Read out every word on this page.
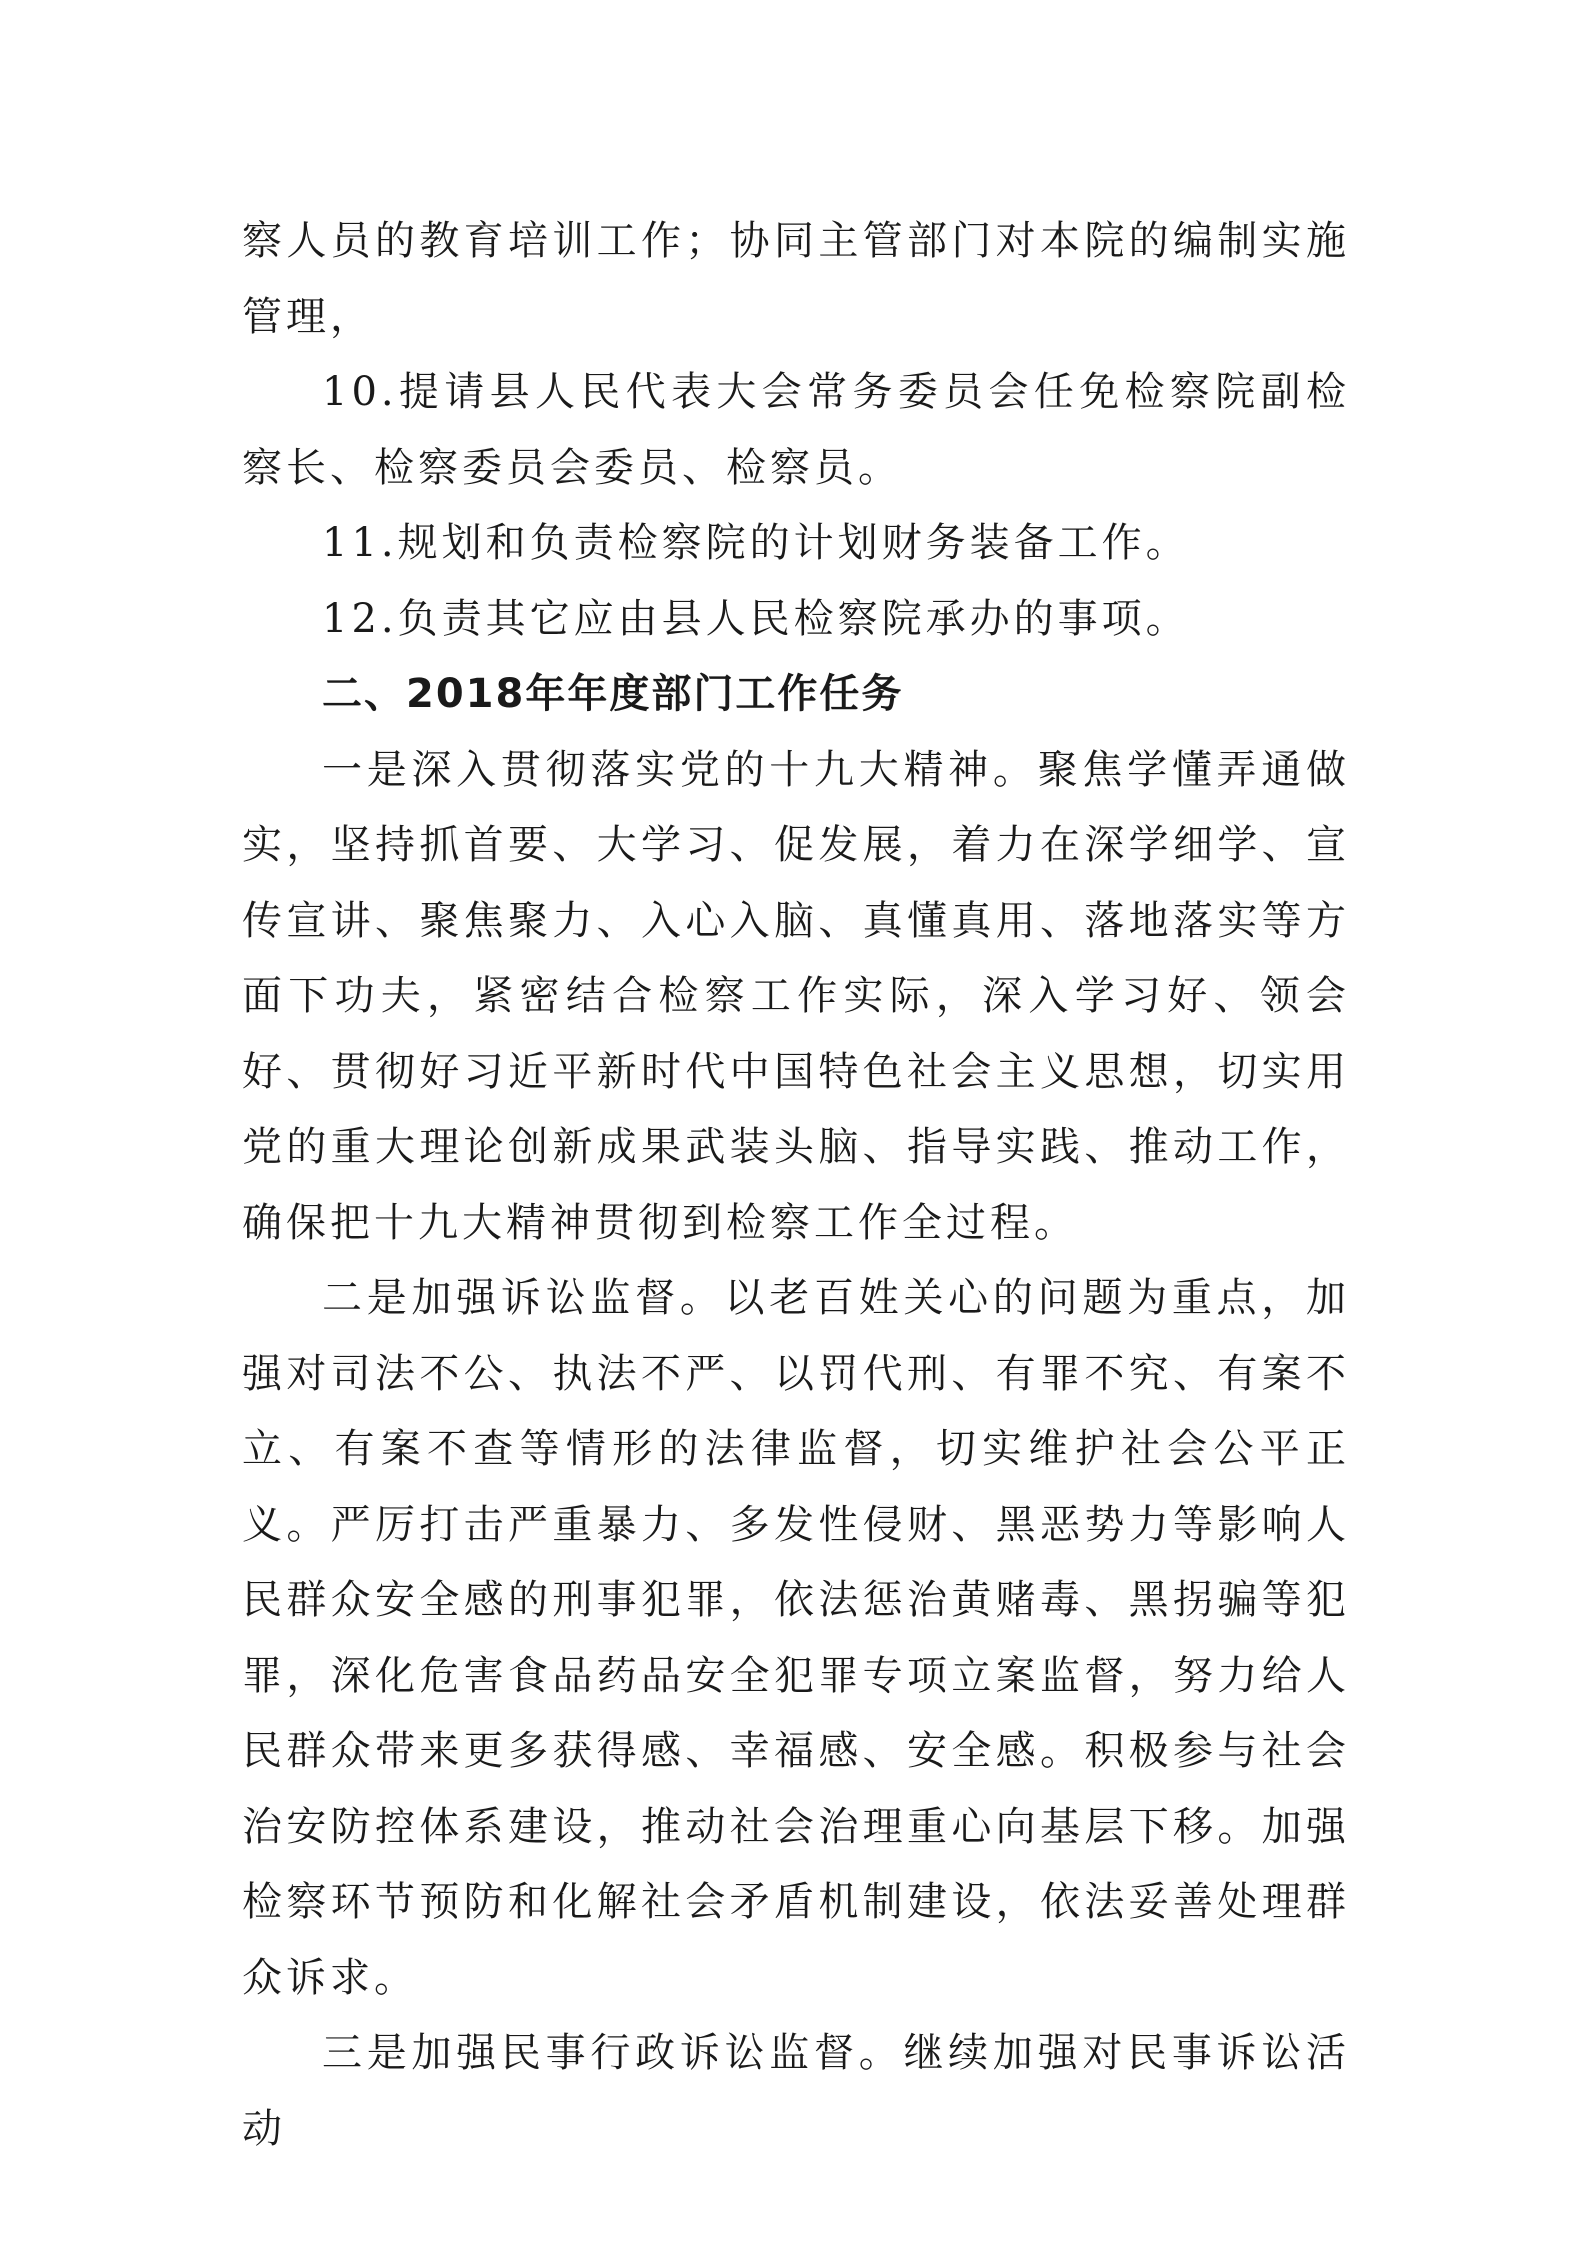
察人员的教育培训工作；协同主管部门对本院的编制实施管理，

10.提请县人民代表大会常务委员会任免检察院副检察长、检察委员会委员、检察员。

11.规划和负责检察院的计划财务装备工作。

12.负责其它应由县人民检察院承办的事项。

二、2018年年度部门工作任务

一是深入贯彻落实党的十九大精神。聚焦学懂弄通做实，坚持抓首要、大学习、促发展，着力在深学细学、宣传宣讲、聚焦聚力、入心入脑、真懂真用、落地落实等方面下功夫，紧密结合检察工作实际，深入学习好、领会好、贯彻好习近平新时代中国特色社会主义思想，切实用党的重大理论创新成果武装头脑、指导实践、推动工作，确保把十九大精神贯彻到检察工作全过程。

二是加强诉讼监督。以老百姓关心的问题为重点，加强对司法不公、执法不严、以罚代刑、有罪不究、有案不立、有案不查等情形的法律监督，切实维护社会公平正义。严厉打击严重暴力、多发性侵财、黑恶势力等影响人民群众安全感的刑事犯罪，依法惩治黄赌毒、黑拐骗等犯罪，深化危害食品药品安全犯罪专项立案监督，努力给人民群众带来更多获得感、幸福感、安全感。积极参与社会治安防控体系建设，推动社会治理重心向基层下移。加强检察环节预防和化解社会矛盾机制建设，依法妥善处理群众诉求。

三是加强民事行政诉讼监督。继续加强对民事诉讼活动
